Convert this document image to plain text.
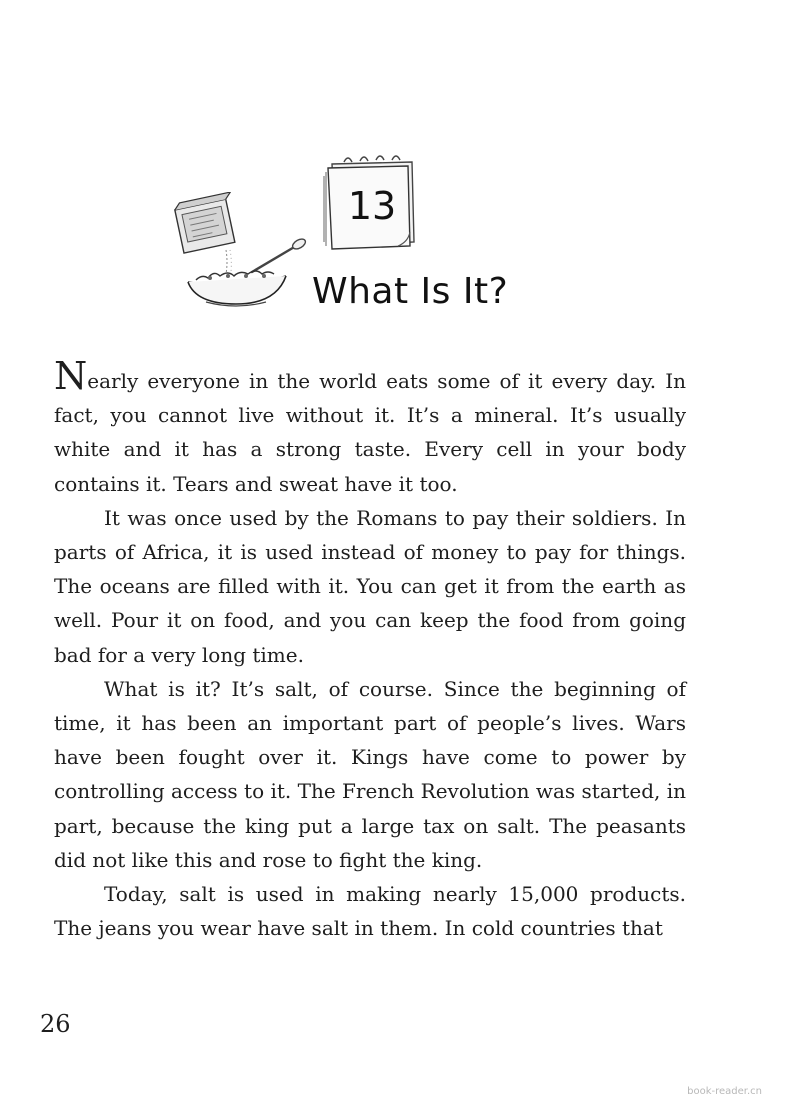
13
What Is It?

Nearly everyone in the world eats some of it every day. In fact, you cannot live without it. It’s a mineral. It’s usually white and it has a strong taste. Every cell in your body contains it. Tears and sweat have it too.

It was once used by the Romans to pay their soldiers. In parts of Africa, it is used instead of money to pay for things. The oceans are filled with it. You can get it from the earth as well. Pour it on food, and you can keep the food from going bad for a very long time.

What is it? It’s salt, of course. Since the beginning of time, it has been an important part of people’s lives. Wars have been fought over it. Kings have come to power by controlling access to it. The French Revolution was started, in part, because the king put a large tax on salt. The peasants did not like this and rose to fight the king.

Today, salt is used in making nearly 15,000 products. The jeans you wear have salt in them. In cold countries that

26
book-reader.cn
